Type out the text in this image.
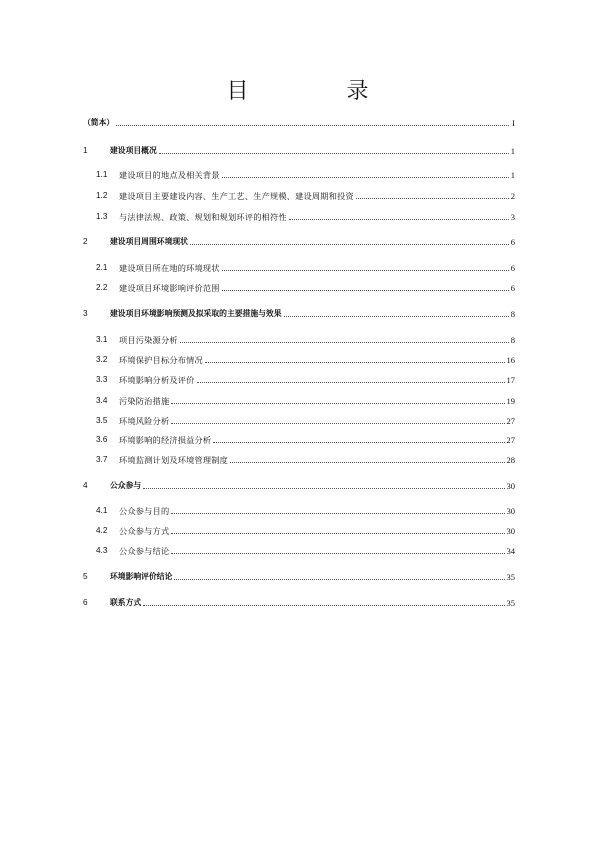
目　录
（简本）	I
1	建设项目概况	1
1.1	建设项目的地点及相关背景	1
1.2	建设项目主要建设内容、生产工艺、生产规模、建设周期和投资	2
1.3	与法律法规、政策、规划和规划环评的相符性	3
2	建设项目周围环境现状	6
2.1	建设项目所在地的环境现状	6
2.2	建设项目环境影响评价范围	6
3	建设项目环境影响预测及拟采取的主要措施与效果	8
3.1	项目污染源分析	8
3.2	环境保护目标分布情况	16
3.3	环境影响分析及评价	17
3.4	污染防治措施	19
3.5	环境风险分析	27
3.6	环境影响的经济损益分析	27
3.7	环境监测计划及环境管理制度	28
4	公众参与	30
4.1	公众参与目的	30
4.2	公众参与方式	30
4.3	公众参与结论	34
5	环境影响评价结论	35
6	联系方式	35
